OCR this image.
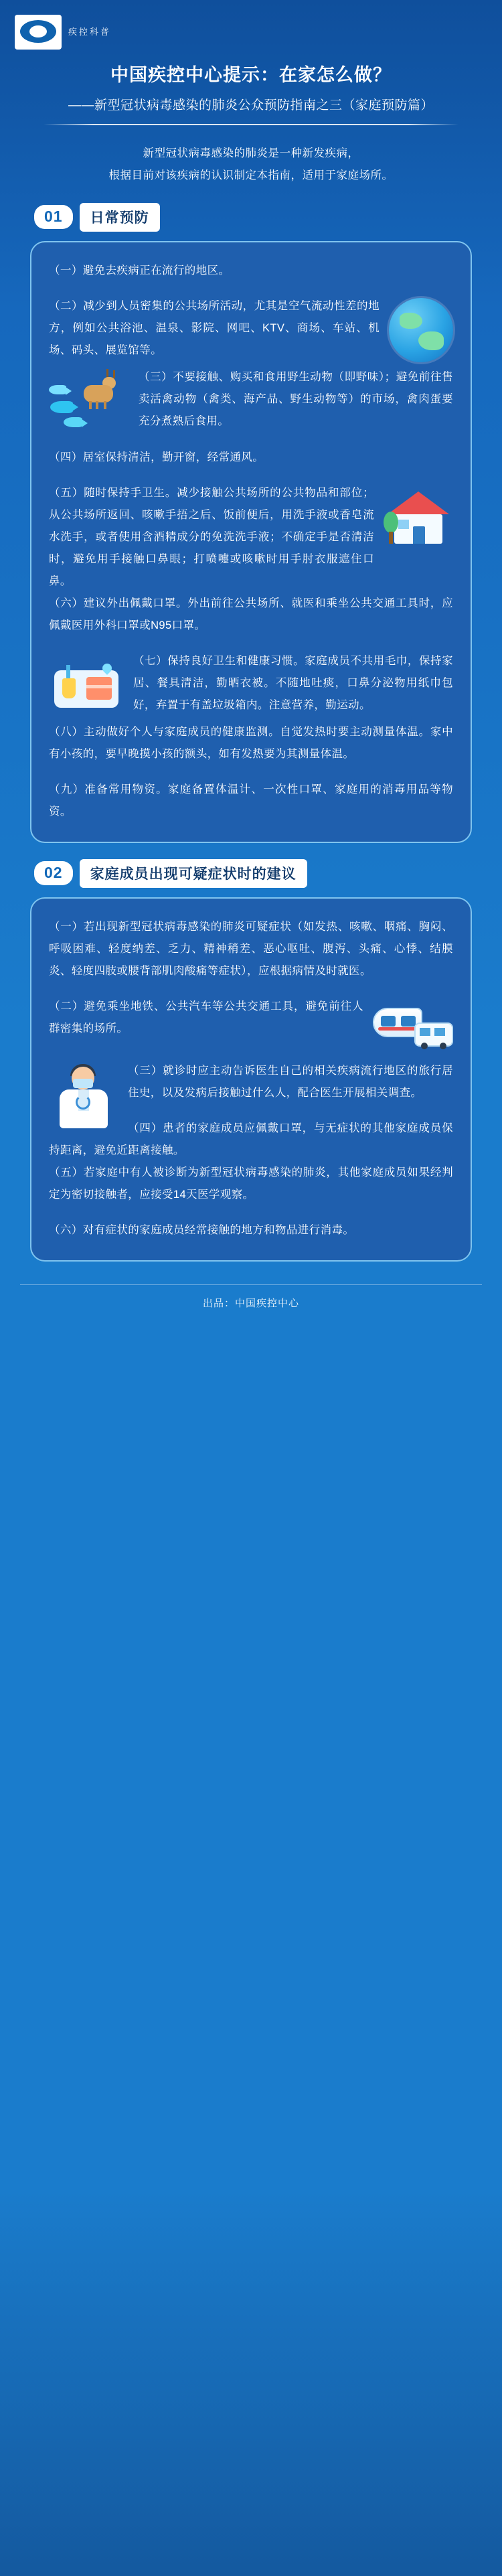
疾控科普
中国疾控中心提示：在家怎么做？
——新型冠状病毒感染的肺炎公众预防指南之三（家庭预防篇）
新型冠状病毒感染的肺炎是一种新发疾病，
根据目前对该疾病的认识制定本指南，适用于家庭场所。
01	日常预防

（一）避免去疾病正在流行的地区。

（二）减少到人员密集的公共场所活动，尤其是空气流动性差的地方，例如公共浴池、温泉、影院、网吧、KTV、商场、车站、机场、码头、展览馆等。

（三）不要接触、购买和食用野生动物（即野味）；避免前往售卖活禽动物（禽类、海产品、野生动物等）的市场，禽肉蛋要充分煮熟后食用。

（四）居室保持清洁，勤开窗，经常通风。

（五）随时保持手卫生。减少接触公共场所的公共物品和部位；从公共场所返回、咳嗽手捂之后、饭前便后，用洗手液或香皂流水洗手，或者使用含酒精成分的免洗洗手液；不确定手是否清洁时，避免用手接触口鼻眼；打喷嚏或咳嗽时用手肘衣服遮住口鼻。

（六）建议外出佩戴口罩。外出前往公共场所、就医和乘坐公共交通工具时，应佩戴医用外科口罩或N95口罩。

（七）保持良好卫生和健康习惯。家庭成员不共用毛巾，保持家居、餐具清洁，勤晒衣被。不随地吐痰，口鼻分泌物用纸巾包好，弃置于有盖垃圾箱内。注意营养，勤运动。

（八）主动做好个人与家庭成员的健康监测。自觉发热时要主动测量体温。家中有小孩的，要早晚摸小孩的额头，如有发热要为其测量体温。

（九）准备常用物资。家庭备置体温计、一次性口罩、家庭用的消毒用品等物资。

02	家庭成员出现可疑症状时的建议

（一）若出现新型冠状病毒感染的肺炎可疑症状（如发热、咳嗽、咽痛、胸闷、呼吸困难、轻度纳差、乏力、精神稍差、恶心呕吐、腹泻、头痛、心悸、结膜炎、轻度四肢或腰背部肌肉酸痛等症状），应根据病情及时就医。

（二）避免乘坐地铁、公共汽车等公共交通工具，避免前往人群密集的场所。

（三）就诊时应主动告诉医生自己的相关疾病流行地区的旅行居住史，以及发病后接触过什么人，配合医生开展相关调查。

（四）患者的家庭成员应佩戴口罩，与无症状的其他家庭成员保持距离，避免近距离接触。

（五）若家庭中有人被诊断为新型冠状病毒感染的肺炎，其他家庭成员如果经判定为密切接触者，应接受14天医学观察。

（六）对有症状的家庭成员经常接触的地方和物品进行消毒。

出品：中国疾控中心
